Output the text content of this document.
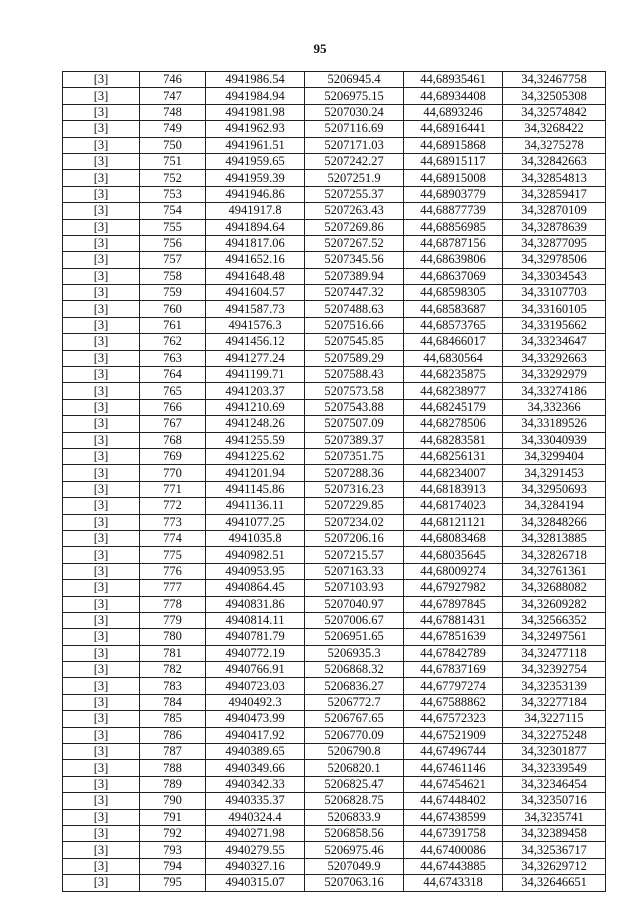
95
[3]	746	4941986.54	5206945.4	44,68935461	34,32467758
[3]	747	4941984.94	5206975.15	44,68934408	34,32505308
[3]	748	4941981.98	5207030.24	44,6893246	34,32574842
[3]	749	4941962.93	5207116.69	44,68916441	34,3268422
[3]	750	4941961.51	5207171.03	44,68915868	34,3275278
[3]	751	4941959.65	5207242.27	44,68915117	34,32842663
[3]	752	4941959.39	5207251.9	44,68915008	34,32854813
[3]	753	4941946.86	5207255.37	44,68903779	34,32859417
[3]	754	4941917.8	5207263.43	44,68877739	34,32870109
[3]	755	4941894.64	5207269.86	44,68856985	34,32878639
[3]	756	4941817.06	5207267.52	44,68787156	34,32877095
[3]	757	4941652.16	5207345.56	44,68639806	34,32978506
[3]	758	4941648.48	5207389.94	44,68637069	34,33034543
[3]	759	4941604.57	5207447.32	44,68598305	34,33107703
[3]	760	4941587.73	5207488.63	44,68583687	34,33160105
[3]	761	4941576.3	5207516.66	44,68573765	34,33195662
[3]	762	4941456.12	5207545.85	44,68466017	34,33234647
[3]	763	4941277.24	5207589.29	44,6830564	34,33292663
[3]	764	4941199.71	5207588.43	44,68235875	34,33292979
[3]	765	4941203.37	5207573.58	44,68238977	34,33274186
[3]	766	4941210.69	5207543.88	44,68245179	34,332366
[3]	767	4941248.26	5207507.09	44,68278506	34,33189526
[3]	768	4941255.59	5207389.37	44,68283581	34,33040939
[3]	769	4941225.62	5207351.75	44,68256131	34,3299404
[3]	770	4941201.94	5207288.36	44,68234007	34,3291453
[3]	771	4941145.86	5207316.23	44,68183913	34,32950693
[3]	772	4941136.11	5207229.85	44,68174023	34,3284194
[3]	773	4941077.25	5207234.02	44,68121121	34,32848266
[3]	774	4941035.8	5207206.16	44,68083468	34,32813885
[3]	775	4940982.51	5207215.57	44,68035645	34,32826718
[3]	776	4940953.95	5207163.33	44,68009274	34,32761361
[3]	777	4940864.45	5207103.93	44,67927982	34,32688082
[3]	778	4940831.86	5207040.97	44,67897845	34,32609282
[3]	779	4940814.11	5207006.67	44,67881431	34,32566352
[3]	780	4940781.79	5206951.65	44,67851639	34,32497561
[3]	781	4940772.19	5206935.3	44,67842789	34,32477118
[3]	782	4940766.91	5206868.32	44,67837169	34,32392754
[3]	783	4940723.03	5206836.27	44,67797274	34,32353139
[3]	784	4940492.3	5206772.7	44,67588862	34,32277184
[3]	785	4940473.99	5206767.65	44,67572323	34,3227115
[3]	786	4940417.92	5206770.09	44,67521909	34,32275248
[3]	787	4940389.65	5206790.8	44,67496744	34,32301877
[3]	788	4940349.66	5206820.1	44,67461146	34,32339549
[3]	789	4940342.33	5206825.47	44,67454621	34,32346454
[3]	790	4940335.37	5206828.75	44,67448402	34,32350716
[3]	791	4940324.4	5206833.9	44,67438599	34,3235741
[3]	792	4940271.98	5206858.56	44,67391758	34,32389458
[3]	793	4940279.55	5206975.46	44,67400086	34,32536717
[3]	794	4940327.16	5207049.9	44,67443885	34,32629712
[3]	795	4940315.07	5207063.16	44,6743318	34,32646651
